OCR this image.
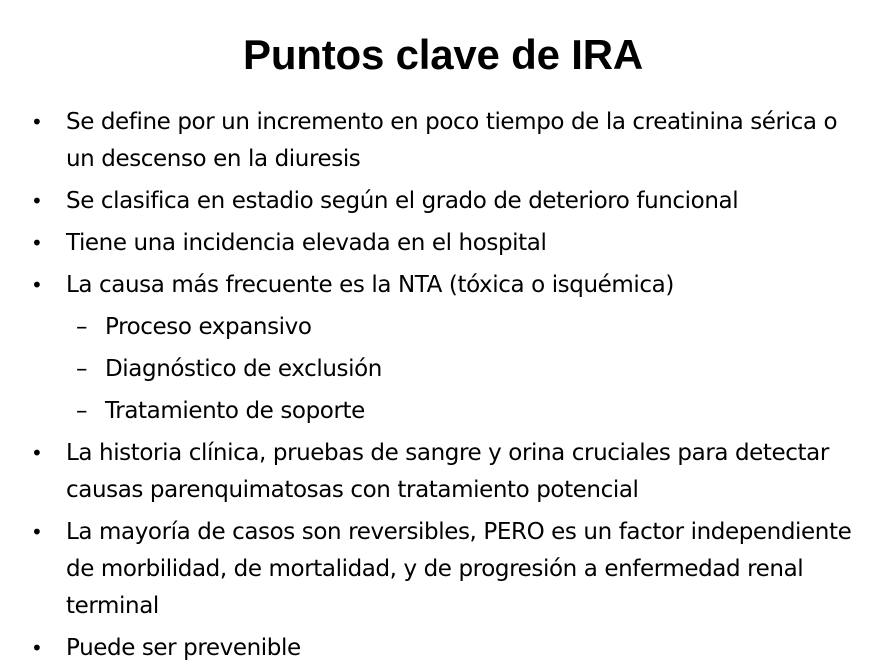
Puntos clave de IRA
• Se define por un incremento en poco tiempo de la creatinina sérica o un descenso en la diuresis
• Se clasifica en estadio según el grado de deterioro funcional
• Tiene una incidencia elevada en el hospital
• La causa más frecuente es la NTA (tóxica o isquémica)
– Proceso expansivo
– Diagnóstico de exclusión
– Tratamiento de soporte
• La historia clínica, pruebas de sangre y orina cruciales para detectar causas parenquimatosas con tratamiento potencial
• La mayoría de casos son reversibles, PERO es un factor independiente de morbilidad, de mortalidad, y de progresión a enfermedad renal terminal
• Puede ser prevenible
